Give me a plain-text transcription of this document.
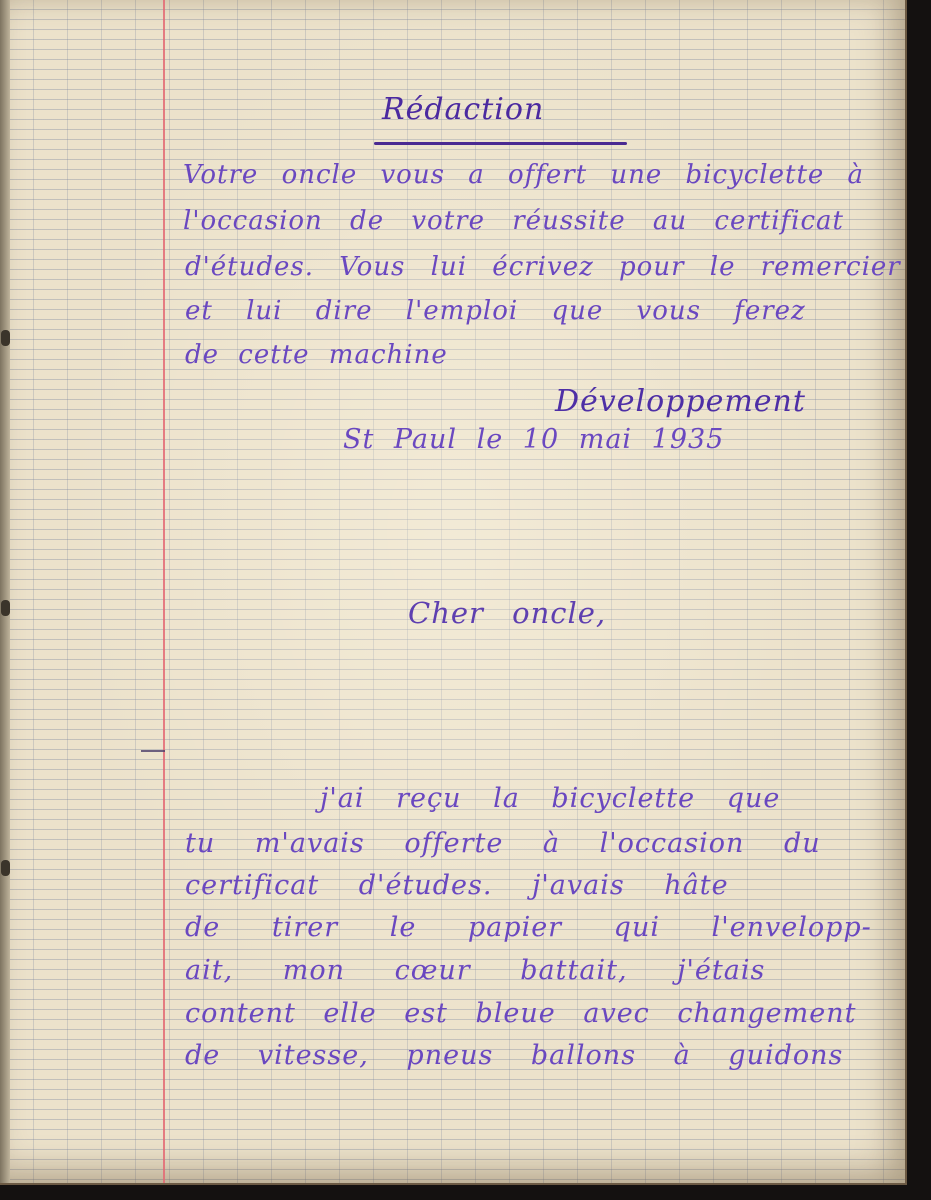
Rédaction
Votre oncle vous a offert une bicyclette à
l'occasion de votre réussite au certificat
d'études. Vous lui écrivez pour le remercier
et lui dire l'emploi que vous ferez
de cette machine
Développement
St Paul le 10 mai 1935
Cher oncle,
j'ai reçu la bicyclette que
tu m'avais offerte à l'occasion du
certificat d'études. j'avais hâte
de tirer le papier qui l'envelopp-
ait, mon cœur battait, j'étais
content elle est bleue avec changement
de vitesse, pneus ballons à guidons
